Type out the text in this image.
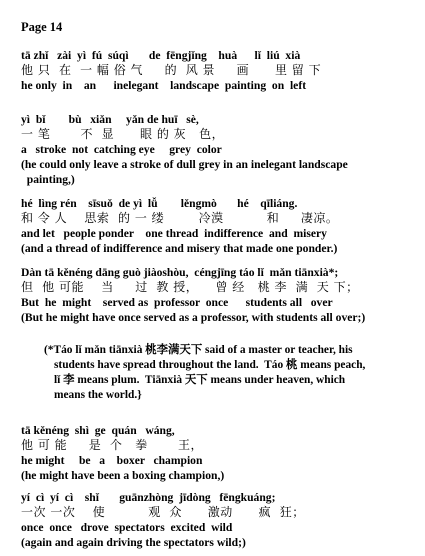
Page 14
tā zhǐ   zài  yì  fú  súqì       de  fēngjǐng    huà      lǐ  liú  xià
他 只  在  一 幅 俗 气     的  风 景     画      里 留 下
he only  in    an      inelegant    landscape  painting  on  left
yì  bǐ        bù   xiǎn     yǎn de huī   sè,
一 笔       不  显      眼 的 灰   色，
a   stroke  not  catching eye     grey  color
(he could only leave a stroke of dull grey in an inelegant landscape
painting,)
hé  lìng rén    sīsuǒ  de yì  lǚ        lěngmò       hé    qīliáng.
和 令 人    思索  的 一 缕        冷漠          和     凄凉。
and let   people ponder    one thread  indifference  and  misery
(and a thread of indifference and misery that made one ponder.)
Dàn tā kěnéng dāng guò jiàoshòu,  céngjīng táo lǐ  mǎn tiānxià*;
但  他 可能    当     过  教 授，    曾 经   桃 李  满  天 下；
But  he  might    served as  professor  once      students all   over
(But he might have once served as a professor, with students all over;)
(*Táo lǐ mǎn tiānxià 桃李满天下 said of a master or teacher, his
students have spread throughout the land.  Táo 桃 means peach,
lǐ 李 means plum.  Tiānxià 天下 means under heaven, which
means the world.}
tā kěnéng  shì  ge  quán   wáng,
他 可 能     是  个   拳       王，
he might     be   a    boxer   champion
(he might have been a boxing champion,)
yí  cì  yí  cì    shǐ       guānzhòng  jīdòng   fēngkuáng;
一次 一次    使          观  众      激动      疯  狂；
once  once   drove  spectators  excited  wild
(again and again driving the spectators wild;)
